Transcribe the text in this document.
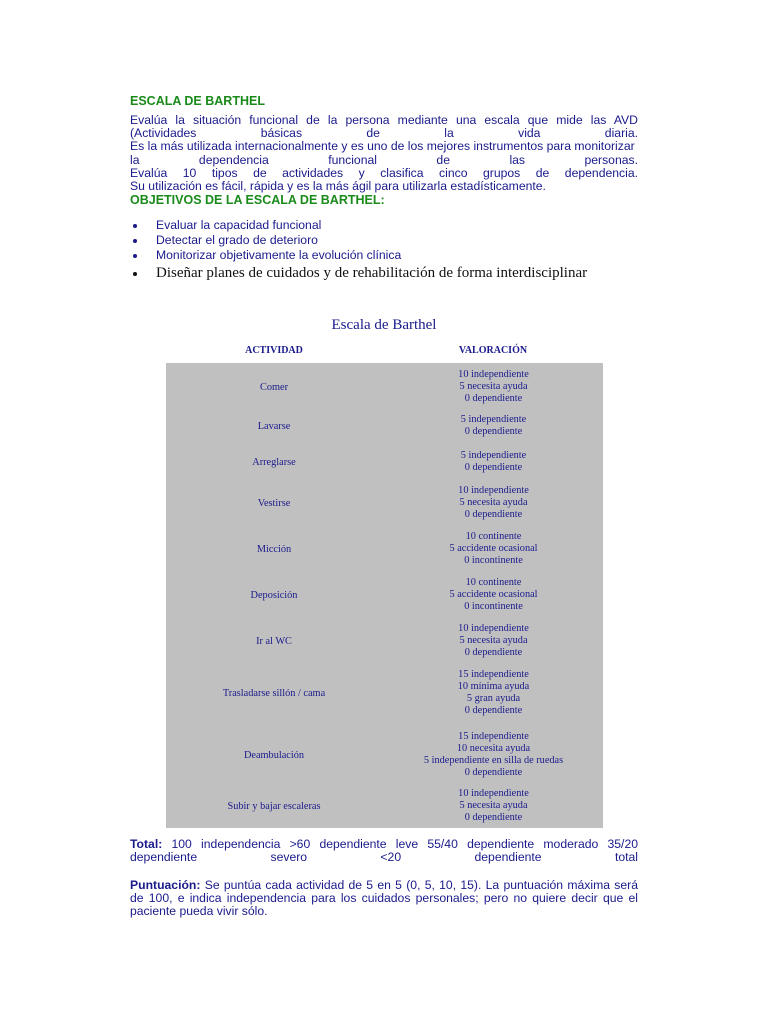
ESCALA DE BARTHEL

Evalúa la situación funcional de la persona mediante una escala que mide las AVD

(Actividades básicas de la vida diaria.

Es la más utilizada internacionalmente y es uno de los mejores instrumentos para monitorizar

la dependencia funcional de las personas.

Evalúa 10 tipos de actividades y clasifica cinco grupos de dependencia.

Su utilización es fácil, rápida y es la más ágil para utilizarla estadísticamente.

OBJETIVOS DE LA ESCALA DE BARTHEL:
Evaluar la capacidad funcional
Detectar el grado de deterioro
Monitorizar objetivamente la evolución clínica
Diseñar planes de cuidados y de rehabilitación de forma interdisciplinar
Escala de Barthel
ACTIVIDAD	VALORACIÓN
Comer
10 independiente
5 necesita ayuda
0 dependiente
Lavarse
5 independiente
0 dependiente
Arreglarse
5 independiente
0 dependiente
Vestirse
10 independiente
5 necesita ayuda
0 dependiente
Micción
10 continente
5 accidente ocasional
0 incontinente
Deposición
10 continente
5 accidente ocasional
0 incontinente
Ir al WC
10 independiente
5 necesita ayuda
0 dependiente
Trasladarse sillón / cama
15 independiente
10 mínima ayuda
5 gran ayuda
0 dependiente
Deambulación
15 independiente
10 necesita ayuda
5 independiente en silla de ruedas
0 dependiente
Subir y bajar escaleras
10 independiente
5 necesita ayuda
0 dependiente

Total: 100 independencia >60 dependiente leve 55/40 dependiente moderado 35/20

dependiente severo <20 dependiente total

Puntuación: Se puntúa cada actividad de 5 en 5 (0, 5, 10, 15). La puntuación máxima será

de 100, e indica independencia para los cuidados personales; pero no quiere decir que el

paciente pueda vivir sólo.
